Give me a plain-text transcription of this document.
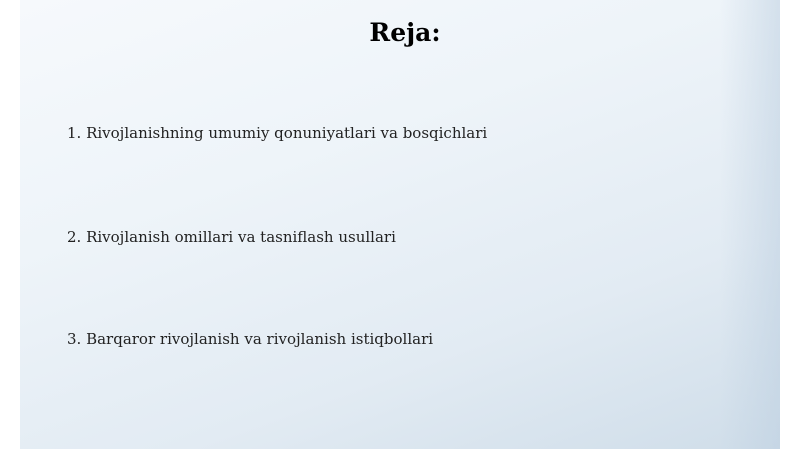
Reja:
1. Rivojlanishning umumiy qonuniyatlari va bosqichlari
2. Rivojlanish omillari va tasniflash usullari
3. Barqaror rivojlanish va rivojlanish istiqbollari
